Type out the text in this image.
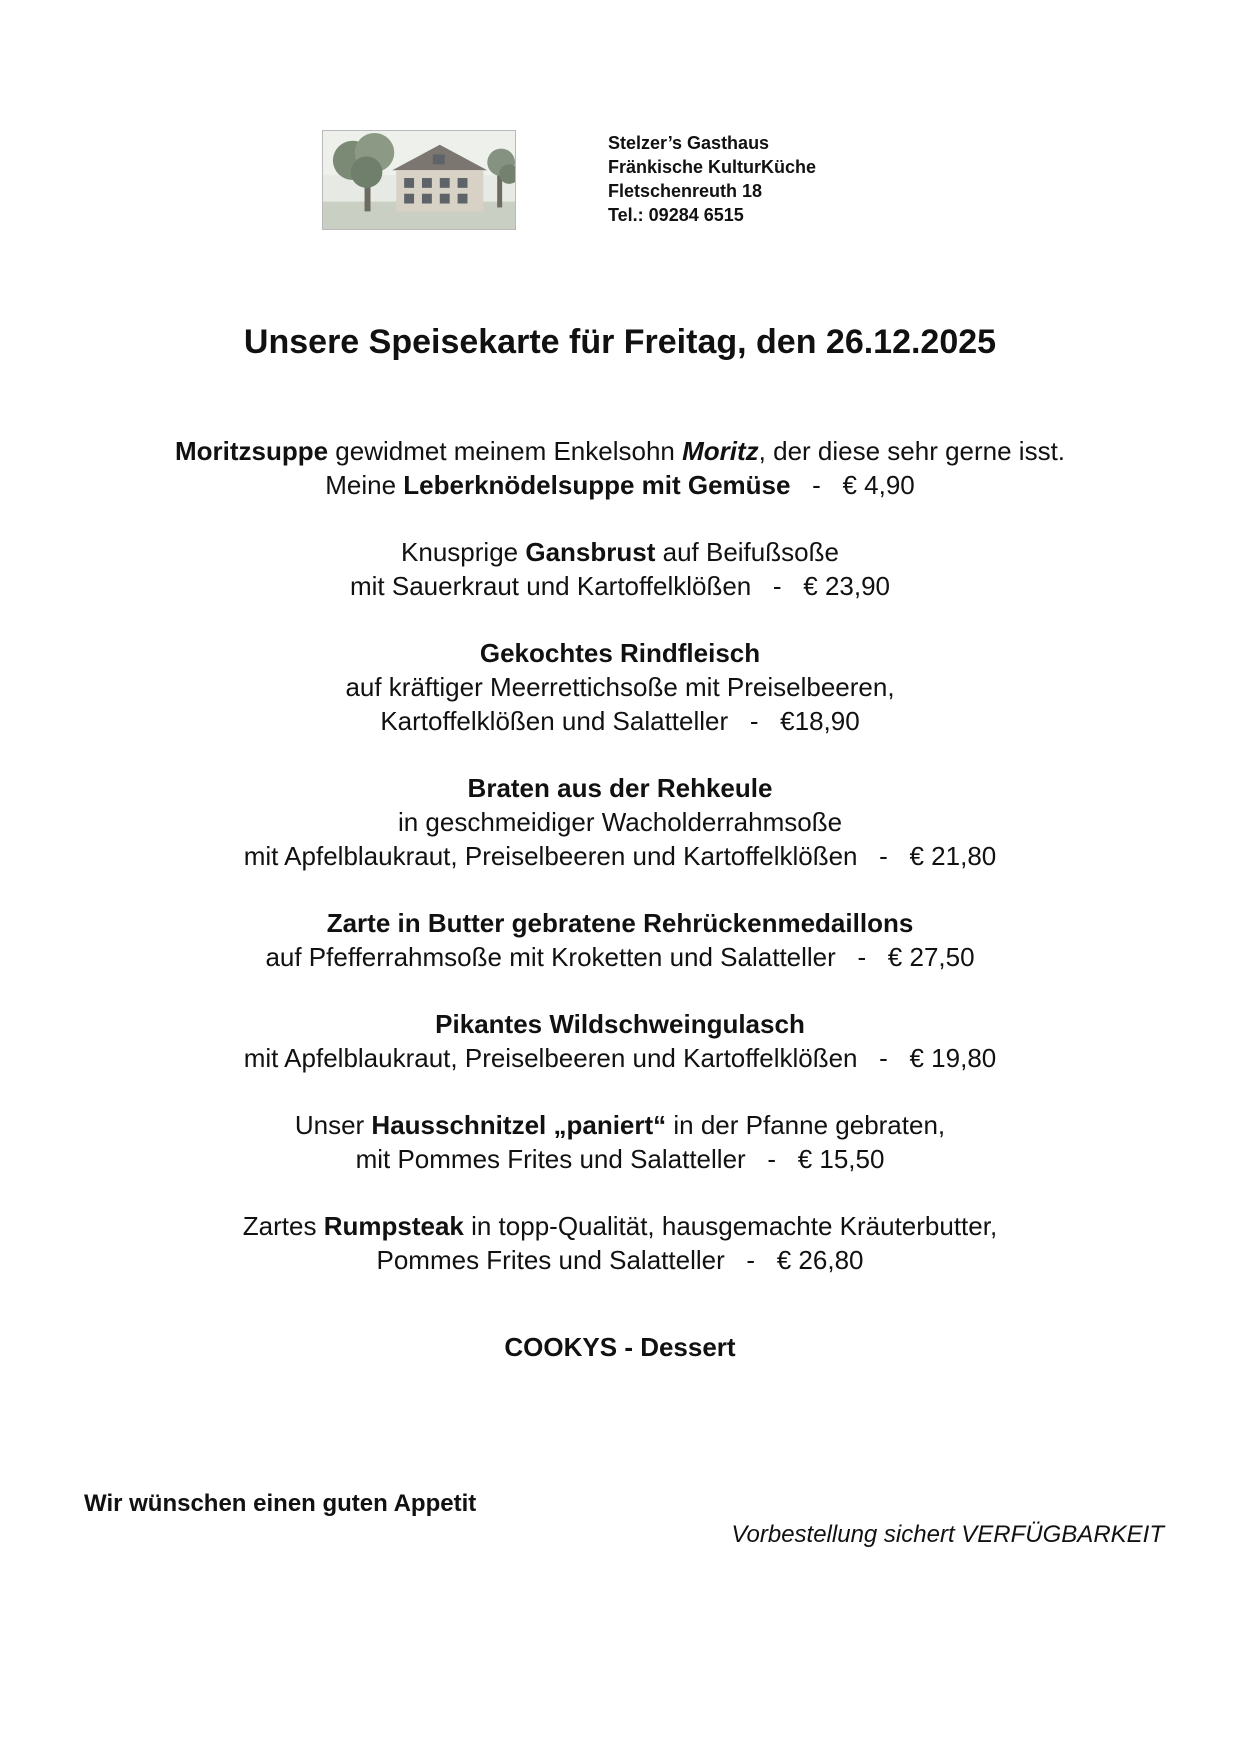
Stelzer’s Gasthaus
Fränkische KulturKüche
Fletschenreuth 18
Tel.: 09284 6515
Unsere Speisekarte für Freitag, den 26.12.2025
Moritzsuppe gewidmet meinem Enkelsohn Moritz, der diese sehr gerne isst.
Meine Leberknödelsuppe mit Gemüse   -   € 4,90
Knusprige Gansbrust auf Beifußsoße
mit Sauerkraut und Kartoffelklößen   -   € 23,90
Gekochtes Rindfleisch
auf kräftiger Meerrettichsoße mit Preiselbeeren,
Kartoffelklößen und Salatteller   -   €18,90
Braten aus der Rehkeule
in geschmeidiger Wacholderrahmsoße
mit Apfelblaukraut, Preiselbeeren und Kartoffelklößen   -   € 21,80
Zarte in Butter gebratene Rehrückenmedaillons
auf Pfefferrahmsoße mit Kroketten und Salatteller   -   € 27,50
Pikantes Wildschweingulasch
mit Apfelblaukraut, Preiselbeeren und Kartoffelklößen   -   € 19,80
Unser Hausschnitzel „paniert“ in der Pfanne gebraten,
mit Pommes Frites und Salatteller   -   € 15,50
Zartes Rumpsteak in topp-Qualität, hausgemachte Kräuterbutter,
Pommes Frites und Salatteller   -   € 26,80
COOKYS - Dessert
Wir wünschen einen guten Appetit
Vorbestellung sichert VERFÜGBARKEIT
